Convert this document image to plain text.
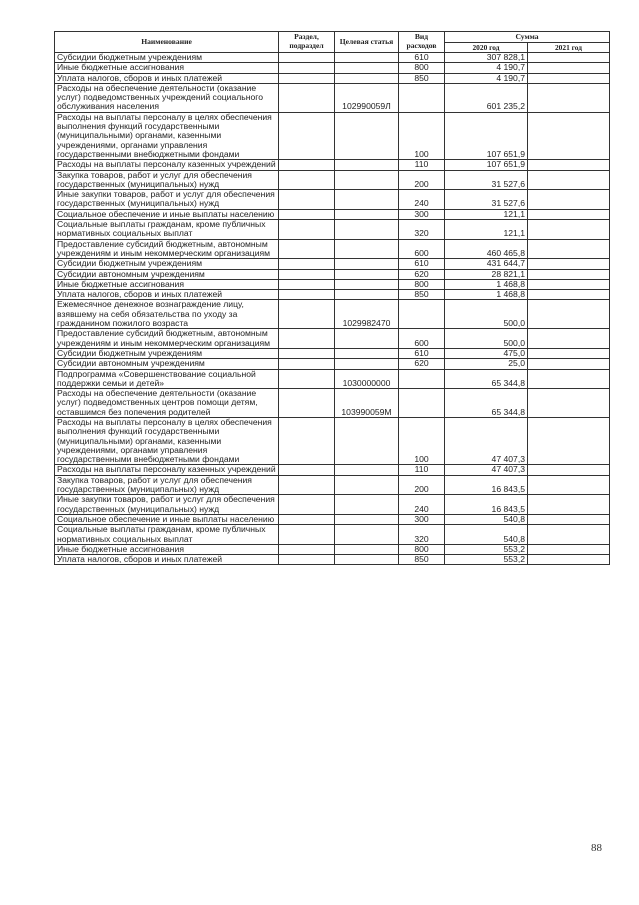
Наименование	Раздел, подраздел	Целевая статья	Вид расходов	Сумма	
				2020 год	2021 год
Субсидии бюджетным учреждениям			610	307 828,1	
Иные бюджетные ассигнования			800	4 190,7	
Уплата налогов, сборов и иных платежей			850	4 190,7	
Расходы на обеспечение деятельности (оказание услуг) подведомственных учреждений социального обслуживания населения		102990059Л		601 235,2	
Расходы на выплаты персоналу в целях обеспечения выполнения функций государственными (муниципальными) органами, казенными учреждениями, органами управления государственными внебюджетными фондами			100	107 651,9	
Расходы на выплаты персоналу казенных учреждений			110	107 651,9	
Закупка товаров, работ и услуг для обеспечения государственных (муниципальных) нужд			200	31 527,6	
Иные закупки товаров, работ и услуг для обеспечения государственных (муниципальных) нужд			240	31 527,6	
Социальное обеспечение и иные выплаты населению			300	121,1	
Социальные выплаты гражданам, кроме публичных нормативных социальных выплат			320	121,1	
Предоставление субсидий бюджетным, автономным учреждениям и иным некоммерческим организациям			600	460 465,8	
Субсидии бюджетным учреждениям			610	431 644,7	
Субсидии автономным учреждениям			620	28 821,1	
Иные бюджетные ассигнования			800	1 468,8	
Уплата налогов, сборов и иных платежей			850	1 468,8	
Ежемесячное денежное вознаграждение лицу, взявшему на себя обязательства по уходу за гражданином пожилого возраста		1029982470		500,0	
Предоставление субсидий бюджетным, автономным учреждениям и иным некоммерческим организациям			600	500,0	
Субсидии бюджетным учреждениям			610	475,0	
Субсидии автономным учреждениям			620	25,0	
Подпрограмма «Совершенствование социальной поддержки семьи и детей»		1030000000		65 344,8	
Расходы на обеспечение деятельности (оказание услуг) подведомственных центров помощи детям, оставшимся без попечения родителей		103990059М		65 344,8	
Расходы на выплаты персоналу в целях обеспечения выполнения функций государственными (муниципальными) органами, казенными учреждениями, органами управления государственными внебюджетными фондами			100	47 407,3	
Расходы на выплаты персоналу казенных учреждений			110	47 407,3	
Закупка товаров, работ и услуг для обеспечения государственных (муниципальных) нужд			200	16 843,5	
Иные закупки товаров, работ и услуг для обеспечения государственных (муниципальных) нужд			240	16 843,5	
Социальное обеспечение и иные выплаты населению			300	540,8	
Социальные выплаты гражданам, кроме публичных нормативных социальных выплат			320	540,8	
Иные бюджетные ассигнования			800	553,2	
Уплата налогов, сборов и иных платежей			850	553,2	
88
